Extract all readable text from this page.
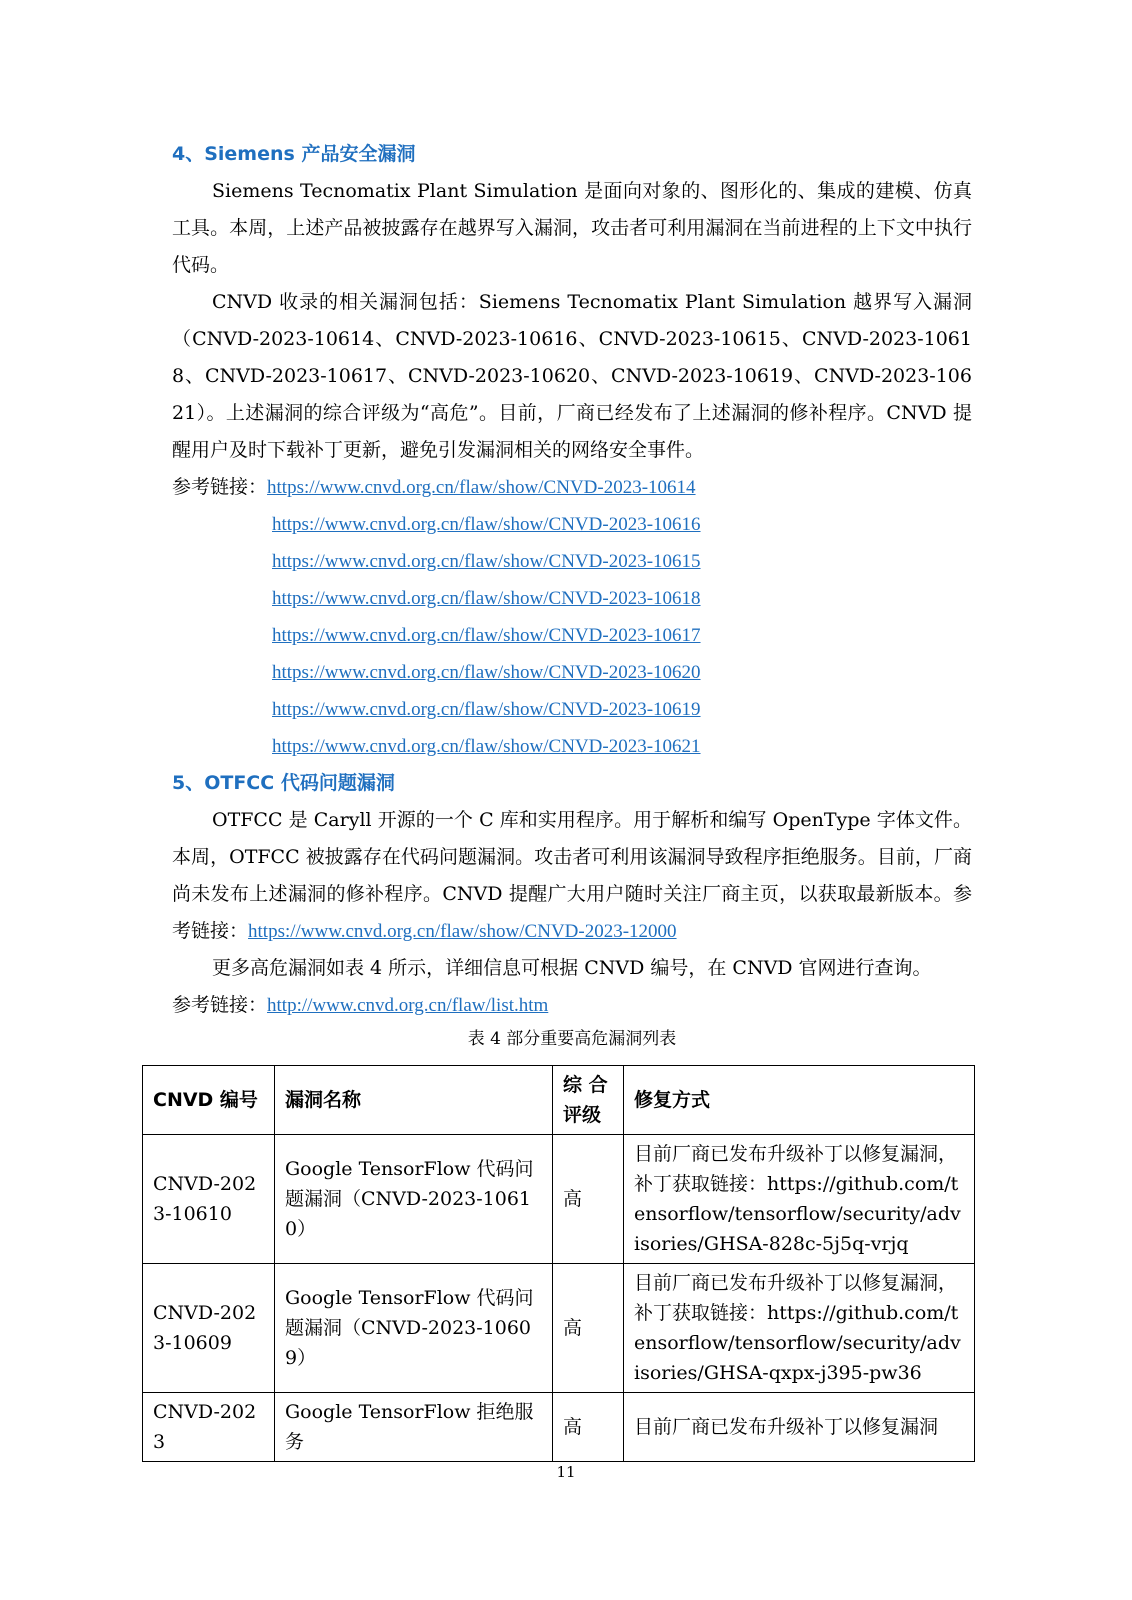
4、Siemens 产品安全漏洞

Siemens Tecnomatix Plant Simulation 是面向对象的、图形化的、集成的建模、仿真工具。本周，上述产品被披露存在越界写入漏洞，攻击者可利用漏洞在当前进程的上下文中执行代码。

CNVD 收录的相关漏洞包括：Siemens Tecnomatix Plant Simulation 越界写入漏洞（CNVD-2023-10614、CNVD-2023-10616、CNVD-2023-10615、CNVD-2023-10618、CNVD-2023-10617、CNVD-2023-10620、CNVD-2023-10619、CNVD-2023-10621）。上述漏洞的综合评级为“高危”。目前，厂商已经发布了上述漏洞的修补程序。CNVD 提醒用户及时下载补丁更新，避免引发漏洞相关的网络安全事件。

参考链接：https://www.cnvd.org.cn/flaw/show/CNVD-2023-10614

https://www.cnvd.org.cn/flaw/show/CNVD-2023-10616
https://www.cnvd.org.cn/flaw/show/CNVD-2023-10615
https://www.cnvd.org.cn/flaw/show/CNVD-2023-10618
https://www.cnvd.org.cn/flaw/show/CNVD-2023-10617
https://www.cnvd.org.cn/flaw/show/CNVD-2023-10620
https://www.cnvd.org.cn/flaw/show/CNVD-2023-10619
https://www.cnvd.org.cn/flaw/show/CNVD-2023-10621
5、OTFCC 代码问题漏洞

OTFCC 是 Caryll 开源的一个 C 库和实用程序。用于解析和编写 OpenType 字体文件。本周，OTFCC 被披露存在代码问题漏洞。攻击者可利用该漏洞导致程序拒绝服务。目前，厂商尚未发布上述漏洞的修补程序。CNVD 提醒广大用户随时关注厂商主页，以获取最新版本。参考链接：https://www.cnvd.org.cn/flaw/show/CNVD-2023-12000

更多高危漏洞如表 4 所示，详细信息可根据 CNVD 编号，在 CNVD 官网进行查询。

参考链接：http://www.cnvd.org.cn/flaw/list.htm

表 4 部分重要高危漏洞列表

CNVD 编号	漏洞名称	综 合评级	修复方式
CNVD-2023-10610	Google TensorFlow 代码问题漏洞（CNVD-2023-10610）	高	目前厂商已发布升级补丁以修复漏洞，补丁获取链接：https://github.com/tensorflow/tensorflow/security/advisories/GHSA-828c-5j5q-vrjq
CNVD-2023-10609	Google TensorFlow 代码问题漏洞（CNVD-2023-10609）	高	目前厂商已发布升级补丁以修复漏洞，补丁获取链接：https://github.com/tensorflow/tensorflow/security/advisories/GHSA-qxpx-j395-pw36
CNVD-2023	Google TensorFlow 拒绝服务	高	目前厂商已发布升级补丁以修复漏洞
11
